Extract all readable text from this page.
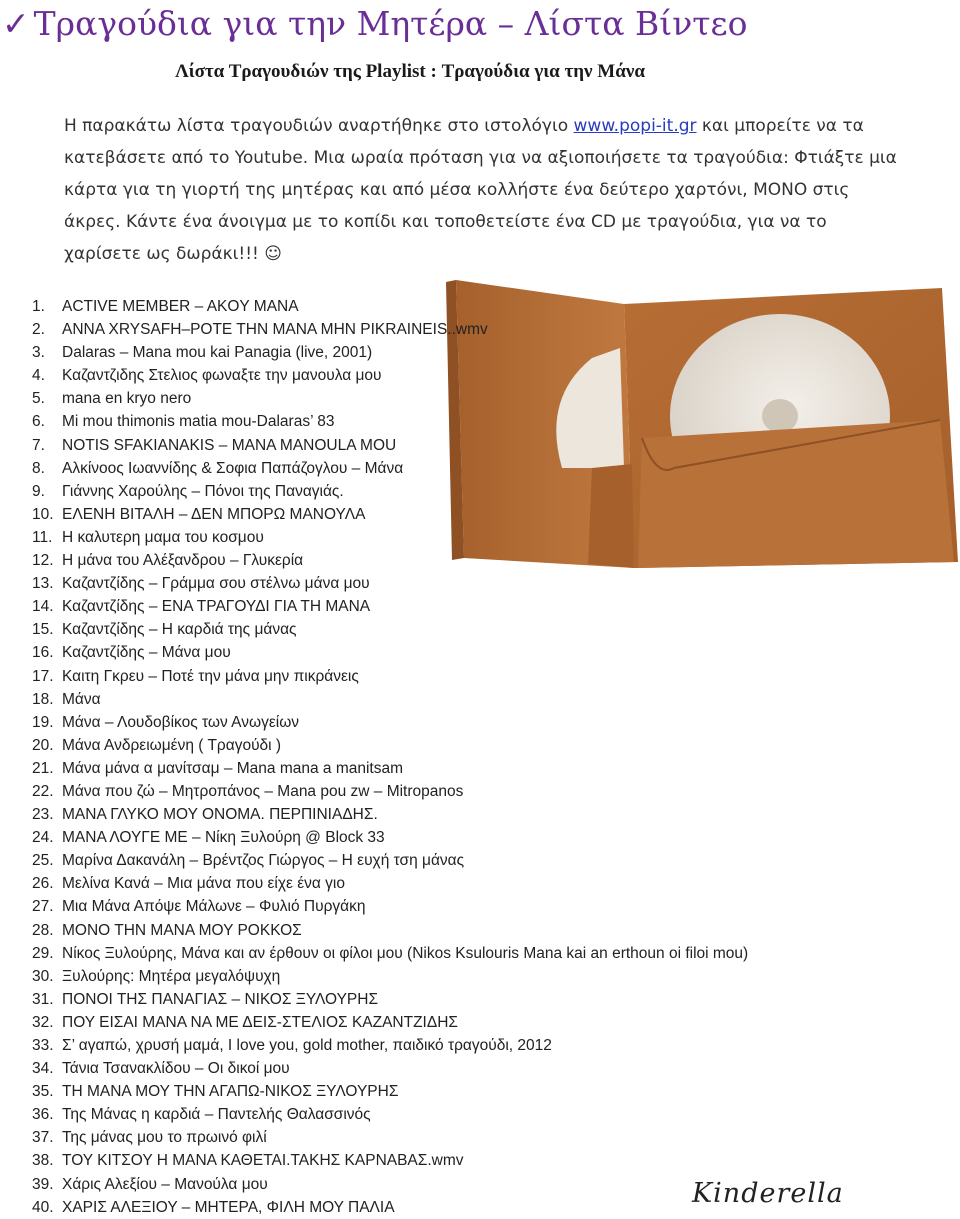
✓ Τραγούδια για την Μητέρα – Λίστα Βίντεο
Λίστα Τραγουδιών της Playlist : Τραγούδια για την Μάνα
Η παρακάτω λίστα τραγουδιών αναρτήθηκε στο ιστολόγιο www.popi-it.gr και μπορείτε να τα κατεβάσετε από το Youtube. Μια ωραία πρόταση για να αξιοποιήσετε τα τραγούδια: Φτιάξτε μια κάρτα για τη γιορτή της μητέρας και από μέσα κολλήστε ένα δεύτερο χαρτόνι, ΜΟΝΟ στις άκρες. Κάντε ένα άνοιγμα με το κοπίδι και τοποθετείστε ένα CD με τραγούδια, για να το χαρίσετε ως δωράκι!!! ☺
1. ACTIVE MEMBER – AKOY MANA
2. ANNA XRYSAFH–POTE THN MANA MHN PIKRAINEIS..wmv
3. Dalaras – Mana mou kai Panagia (live, 2001)
4. Καζαντζιδης Στελιος φωναξτε την μανουλα μου
5. mana en kryo nero
6. Mi mou thimonis matia mou-Dalaras’ 83
7. NOTIS SFAKIANAKIS – MANA MANOULA MOU
8. Αλκίνοος Ιωαννίδης & Σοφια Παπάζογλου – Μάνα
9. Γιάννης Χαρούλης – Πόνοι της Παναγιάς.
10. ΕΛΕΝΗ ΒΙΤΑΛΗ – ΔΕΝ ΜΠΟΡΩ ΜΑΝΟΥΛΑ
11. Η καλυτερη μαμα του κοσμου
12. Η μάνα του Αλέξανδρου – Γλυκερία
13. Καζαντζίδης – Γράμμα σου στέλνω μάνα μου
14. Καζαντζίδης – ΕΝΑ ΤΡΑΓΟΥΔΙ ΓΙΑ ΤΗ ΜΑΝΑ
15. Καζαντζίδης – Η καρδιά της μάνας
16. Καζαντζίδης – Μάνα μου
17. Καιτη Γκρευ – Ποτέ την μάνα μην πικράνεις
18. Μάνα
19. Μάνα – Λουδοβίκος των Ανωγείων
20. Μάνα Ανδρειωμένη ( Τραγούδι )
21. Μάνα μάνα α μανίτσαμ – Mana mana a manitsam
22. Μάνα που ζώ – Μητροπάνος – Mana pou zw – Mitropanos
23. ΜΑΝΑ ΓΛΥΚΟ ΜΟΥ ΟΝΟΜΑ. ΠΕΡΠΙΝΙΑΔΗΣ.
24. ΜΑΝΑ ΛΟΥΓΕ ΜΕ – Νίκη Ξυλούρη @ Block 33
25. Μαρίνα Δακανάλη – Βρέντζος Γιώργος – Η ευχή τση μάνας
26. Μελίνα Κανά – Μια μάνα που είχε ένα γιο
27. Μια Μάνα Απόψε Μάλωνε – Φυλιό Πυργάκη
28. ΜΟΝΟ ΤΗΝ ΜΑΝΑ ΜΟΥ ΡΟΚΚΟΣ
29. Νίκος Ξυλούρης, Μάνα και αν έρθουν οι φίλοι μου (Nikos Ksulouris Mana kai an erthoun oi filoi mou)
30. Ξυλούρης: Μητέρα μεγαλόψυχη
31. ΠΟΝΟΙ ΤΗΣ ΠΑΝΑΓΙΑΣ – ΝΙΚΟΣ ΞΥΛΟΥΡΗΣ
32. ΠΟΥ ΕΙΣΑΙ ΜΑΝΑ ΝΑ ΜΕ ΔΕΙΣ-ΣΤΕΛΙΟΣ ΚΑΖΑΝΤΖΙΔΗΣ
33. Σ’ αγαπώ, χρυσή μαμά, I love you, gold mother, παιδικό τραγούδι, 2012
34. Τάνια Τσανακλίδου – Οι δικοί μου
35. ΤΗ ΜΑΝΑ ΜΟΥ ΤΗΝ ΑΓΑΠΩ-ΝΙΚΟΣ ΞΥΛΟΥΡΗΣ
36. Της Μάνας η καρδιά – Παντελής Θαλασσινός
37. Της μάνας μου το πρωινό φιλί
38. ΤΟΥ ΚΙΤΣΟΥ Η ΜΑΝΑ ΚΑΘΕΤΑΙ.ΤΑΚΗΣ ΚΑΡΝΑΒΑΣ.wmv
39. Χάρις Αλεξίου – Μανούλα μου
40. ΧΑΡΙΣ ΑΛΕΞΙΟΥ – ΜΗΤΕΡΑ, ΦΙΛΗ ΜΟΥ ΠΑΛΙΑ	Kinderella
